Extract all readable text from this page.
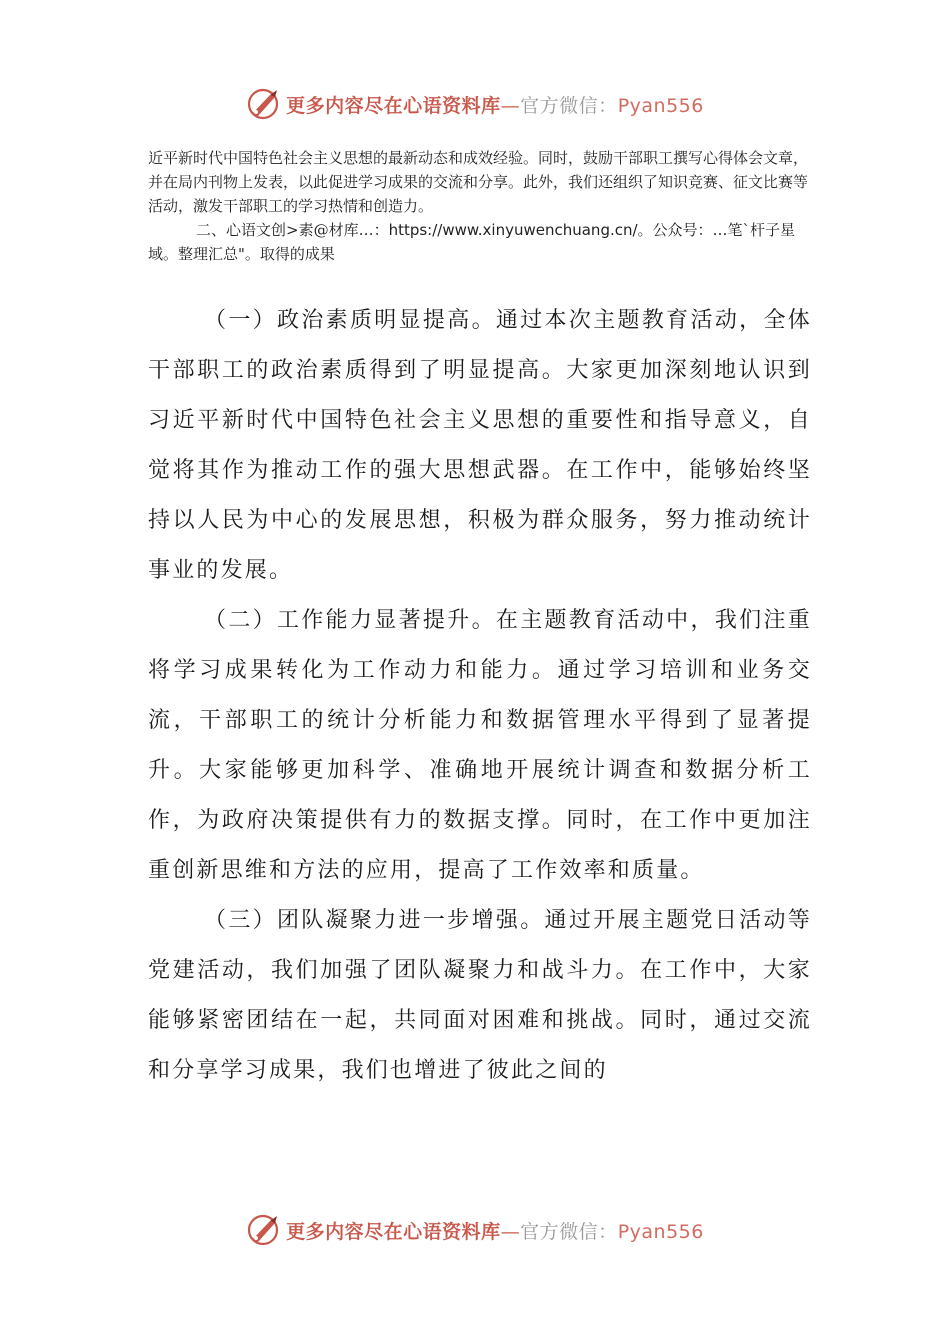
更多内容尽在心语资料库—官方微信：Pyan556

近平新时代中国特色社会主义思想的最新动态和成效经验。同时，鼓励干部职工撰写心得体会文章，并在局内刊物上发表，以此促进学习成果的交流和分享。此外，我们还组织了知识竞赛、征文比赛等活动，激发干部职工的学习热情和创造力。

二、心语文创>素@材库…：https://www.xinyuwenchuang.cn/。公众号：…笔`杆子星域。整理汇总"。取得的成果

（一）政治素质明显提高。通过本次主题教育活动，全体干部职工的政治素质得到了明显提高。大家更加深刻地认识到习近平新时代中国特色社会主义思想的重要性和指导意义，自觉将其作为推动工作的强大思想武器。在工作中，能够始终坚持以人民为中心的发展思想，积极为群众服务，努力推动统计事业的发展。

（二）工作能力显著提升。在主题教育活动中，我们注重将学习成果转化为工作动力和能力。通过学习培训和业务交流，干部职工的统计分析能力和数据管理水平得到了显著提升。大家能够更加科学、准确地开展统计调查和数据分析工作，为政府决策提供有力的数据支撑。同时，在工作中更加注重创新思维和方法的应用，提高了工作效率和质量。

（三）团队凝聚力进一步增强。通过开展主题党日活动等党建活动，我们加强了团队凝聚力和战斗力。在工作中，大家能够紧密团结在一起，共同面对困难和挑战。同时，通过交流和分享学习成果，我们也增进了彼此之间的

更多内容尽在心语资料库—官方微信：Pyan556
